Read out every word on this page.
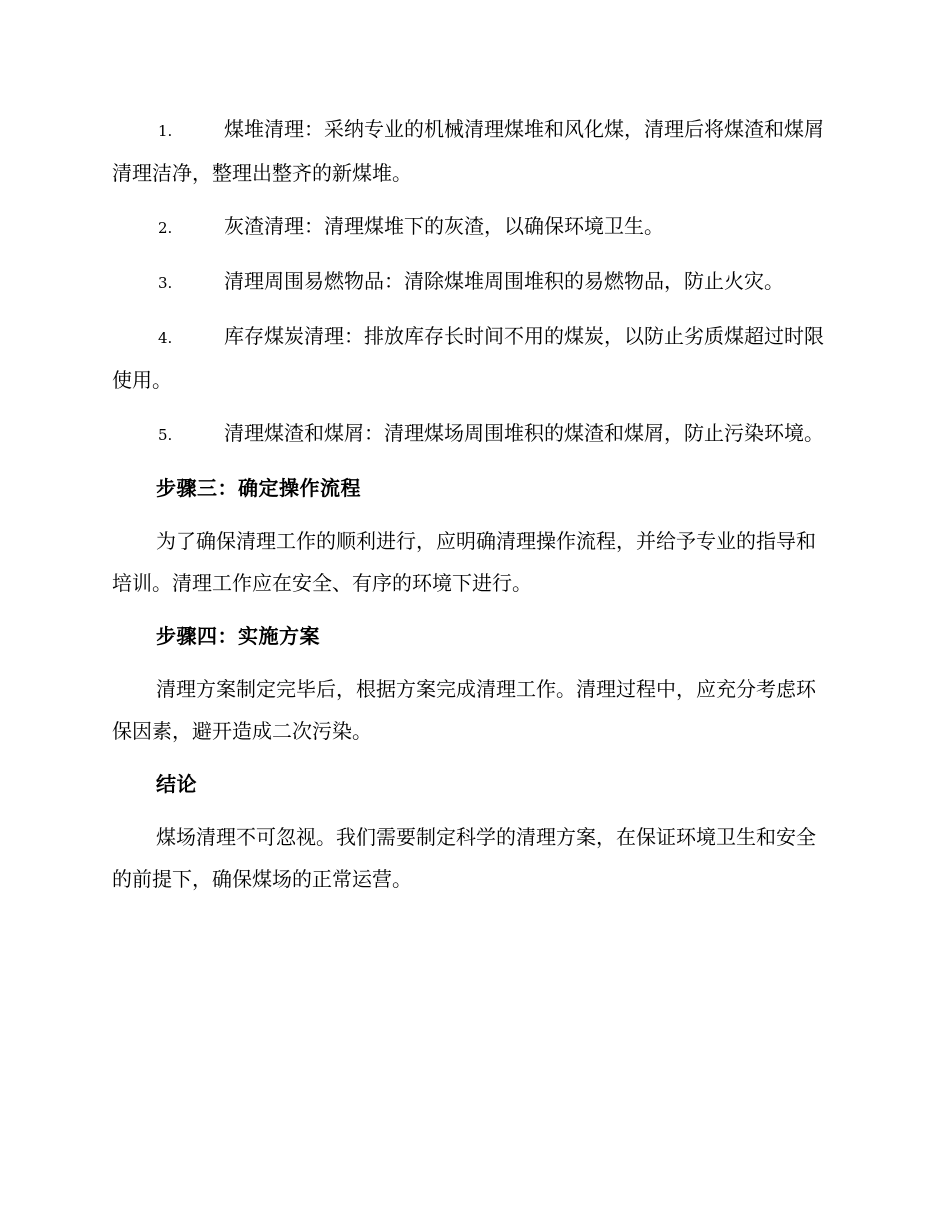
1.	煤堆清理：采纳专业的机械清理煤堆和风化煤，清理后将煤渣和煤屑清理洁净，整理出整齐的新煤堆。

2.	灰渣清理：清理煤堆下的灰渣，以确保环境卫生。

3.	清理周围易燃物品：清除煤堆周围堆积的易燃物品，防止火灾。

4.	库存煤炭清理：排放库存长时间不用的煤炭，以防止劣质煤超过时限使用。

5.	清理煤渣和煤屑：清理煤场周围堆积的煤渣和煤屑，防止污染环境。

步骤三：确定操作流程

为了确保清理工作的顺利进行，应明确清理操作流程，并给予专业的指导和培训。清理工作应在安全、有序的环境下进行。

步骤四：实施方案

清理方案制定完毕后，根据方案完成清理工作。清理过程中，应充分考虑环保因素，避开造成二次污染。

结论

煤场清理不可忽视。我们需要制定科学的清理方案，在保证环境卫生和安全的前提下，确保煤场的正常运营。
